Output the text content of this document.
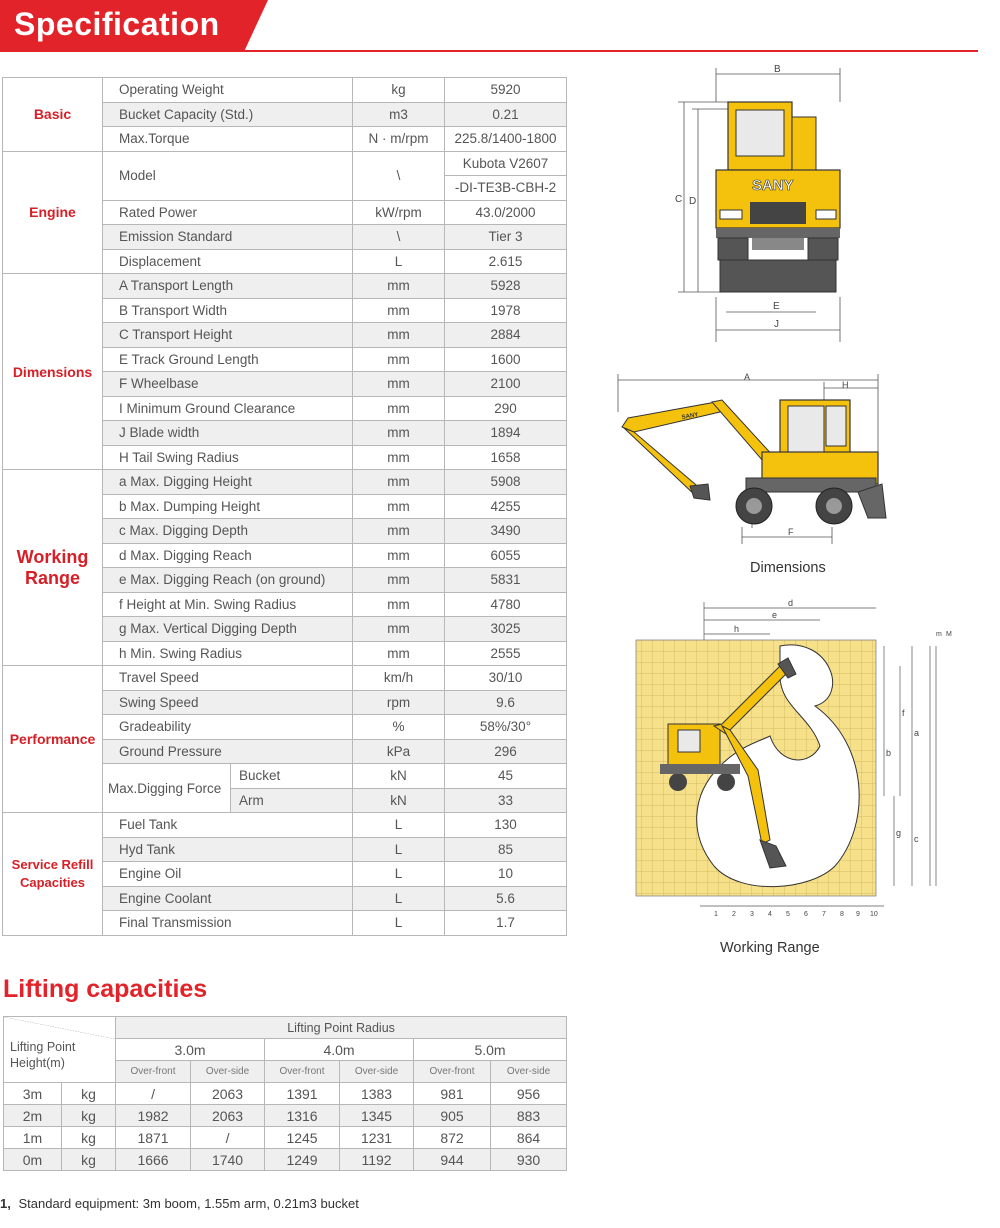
Specification
Basic	Operating Weight		kg	5920
	Bucket Capacity (Std.)		m3	0.21
	Max.Torque		N · m/rpm	225.8/1400-1800
Engine	Model		\	Kubota V2607
				-DI-TE3B-CBH-2
	Rated Power		kW/rpm	43.0/2000
	Emission Standard		\	Tier 3
	Displacement		L	2.615
Dimensions	A Transport Length		mm	5928
	B Transport Width		mm	1978
	C Transport Height		mm	2884
	E Track Ground Length		mm	1600
	F Wheelbase		mm	2100
	I Minimum Ground Clearance		mm	290
	J Blade width		mm	1894
	H Tail Swing Radius		mm	1658
Working
Range	a Max. Digging Height		mm	5908
	b Max. Dumping Height		mm	4255
	c Max. Digging Depth		mm	3490
	d Max. Digging Reach		mm	6055
	e Max. Digging Reach (on ground)		mm	5831
	f Height at Min. Swing Radius		mm	4780
	g Max. Vertical Digging Depth		mm	3025
	h Min. Swing Radius		mm	2555
Performance	Travel Speed		km/h	30/10
	Swing Speed		rpm	9.6
	Gradeability		%	58%/30°
	Ground Pressure		kPa	296
	Max.Digging Force	Bucket	kN	45
		Arm	kN	33
Service Refill
Capacities	Fuel Tank		L	130
	Hyd Tank		L	85
	Engine Oil		L	10
	Engine Coolant		L	5.6
	Final Transmission		L	1.7
B
C D
E
J
SANY
A
H
F
SANY
Dimensions
d
e
h
a
b
f
g
c
m M
1 2 3 4 5 6 7 8 9 10
Working Range
Lifting capacities
Lifting Point
Height(m)		Lifting Point Radius					
		3.0m		4.0m		5.0m	
		Over-front	Over-side	Over-front	Over-side	Over-front	Over-side
3m	kg	/	2063	1391	1383	981	956
2m	kg	1982	2063	1316	1345	905	883
1m	kg	1871	/	1245	1231	872	864
0m	kg	1666	1740	1249	1192	944	930
1, Standard equipment: 3m boom, 1.55m arm, 0.21m3 bucket
